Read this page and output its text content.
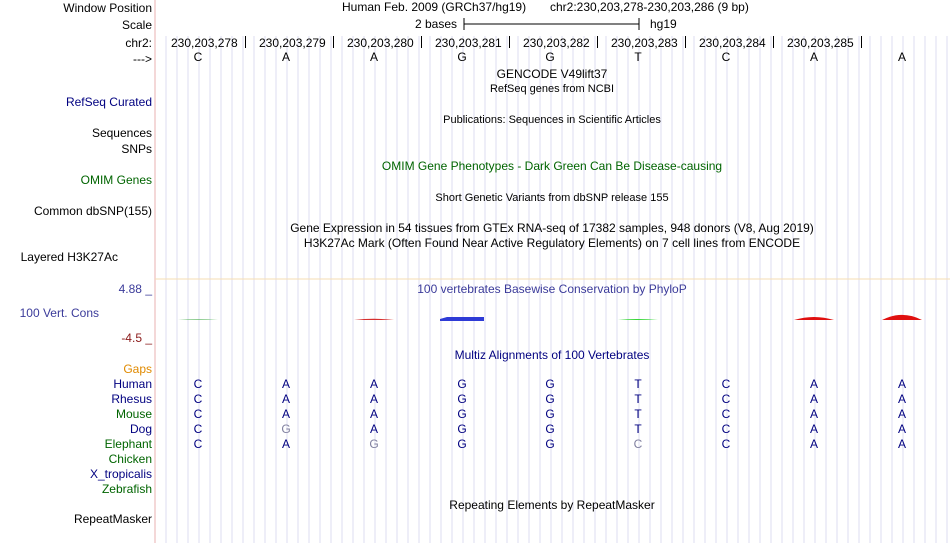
Window Position
Scale
chr2:
--->
RefSeq Curated
Sequences
SNPs
OMIM Genes
Common dbSNP(155)
Layered H3K27Ac
4.88 _
100 Vert. Cons
-4.5 _
Gaps
Human
Rhesus
Mouse
Dog
Elephant
Chicken
X_tropicalis
Zebrafish
RepeatMasker
Human Feb. 2009 (GRCh37/hg19) chr2:230,203,278-230,203,286 (9 bp)
2 bases	hg19
230,203,278 230,203,279 230,203,280 230,203,281 230,203,282 230,203,283 230,203,284 230,203,285
C	A	A	G	G	T	C	A	A
GENCODE V49lift37
RefSeq genes from NCBI
Publications: Sequences in Scientific Articles
OMIM Gene Phenotypes - Dark Green Can Be Disease-causing
Short Genetic Variants from dbSNP release 155
Gene Expression in 54 tissues from GTEx RNA-seq of 17382 samples, 948 donors (V8, Aug 2019)
H3K27Ac Mark (Often Found Near Active Regulatory Elements) on 7 cell lines from ENCODE
100 vertebrates Basewise Conservation by PhyloP
Multiz Alignments of 100 Vertebrates
Repeating Elements by RepeatMasker
C	A	A	G	G	T	C	A	A
C	A	A	G	G	T	C	A	A
C	A	A	G	G	T	C	A	A
C	G	A	G	G	T	C	A	A
C	A	G	G	G	C	C	A	A
